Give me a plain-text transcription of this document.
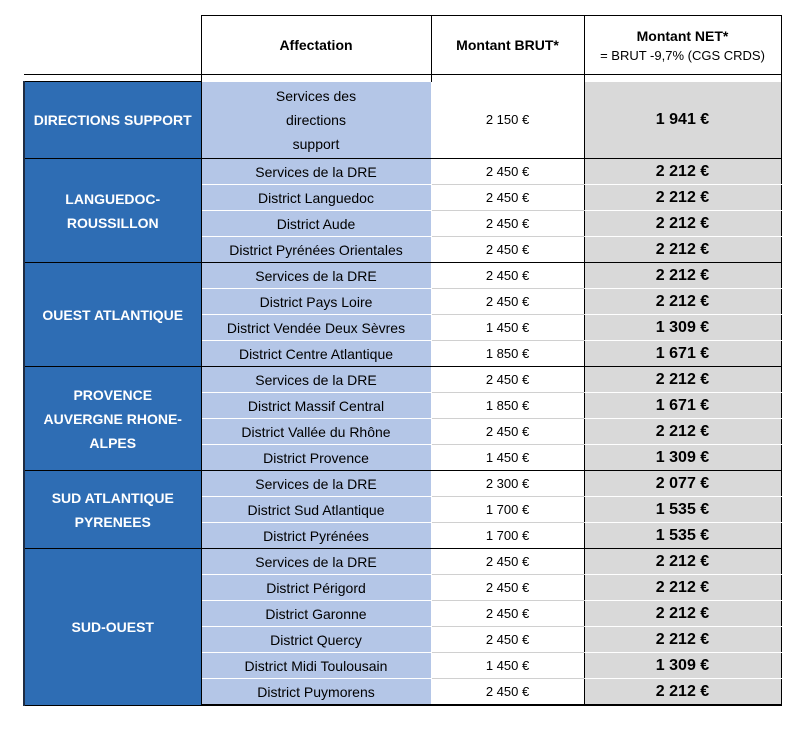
	Affectation	Montant BRUT*	Montant NET*
= BRUT -9,7% (CGS CRDS)

DIRECTIONS SUPPORT	Services des directions support	2 150 €	1 941 €
LANGUEDOC-ROUSSILLON	Services de la DRE	2 450 €	2 212 €
	District Languedoc	2 450 €	2 212 €
	District Aude	2 450 €	2 212 €
	District Pyrénées Orientales	2 450 €	2 212 €
OUEST ATLANTIQUE	Services de la DRE	2 450 €	2 212 €
	District Pays Loire	2 450 €	2 212 €
	District Vendée Deux Sèvres	1 450 €	1 309 €
	District Centre Atlantique	1 850 €	1 671 €
PROVENCE AUVERGNE RHONE-ALPES	Services de la DRE	2 450 €	2 212 €
	District Massif Central	1 850 €	1 671 €
	District Vallée du Rhône	2 450 €	2 212 €
	District Provence	1 450 €	1 309 €
SUD ATLANTIQUE PYRENEES	Services de la DRE	2 300 €	2 077 €
	District Sud Atlantique	1 700 €	1 535 €
	District Pyrénées	1 700 €	1 535 €
SUD-OUEST	Services de la DRE	2 450 €	2 212 €
	District Périgord	2 450 €	2 212 €
	District Garonne	2 450 €	2 212 €
	District Quercy	2 450 €	2 212 €
	District Midi Toulousain	1 450 €	1 309 €
	District Puymorens	2 450 €	2 212 €
